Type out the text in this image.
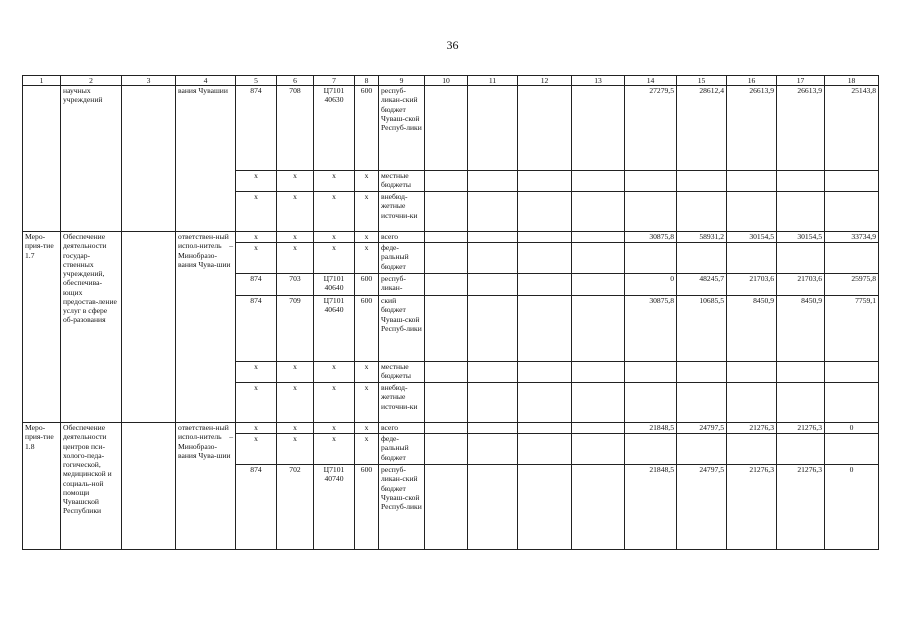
36
1	2	3	4	5	6	7	8	9	10	11	12	13	14	15	16	17	18
	научных учреждений		вания Чувашии	874	708	Ц7101 40630	600	респуб-ликан-ский бюджет Чуваш-ской Респуб-лики					27279,5	28612,4	26613,9	26613,9	25143,8
				х	х	х	х	местные бюджеты									
				х	х	х	х	внебюд-жетные источни-ки									
Меро-прия-тие 1.7	Обеспечение деятельности государ-ственных учреждений, обеспечива-ющих предостав-ление услуг в сфере об-разования		ответствен-ный испол-нитель – Минобразо-вания Чува-шии	х	х	х	х	всего					30875,8	58931,2	30154,5	30154,5	33734,9
				х	х	х	х	феде-ральный бюджет									
				874	703	Ц7101 40640	600	респуб-ликан-					0	48245,7	21703,6	21703,6	25975,8
				874	709	Ц7101 40640	600	ский бюджет Чуваш-ской Респуб-лики					30875,8	10685,5	8450,9	8450,9	7759,1
				х	х	х	х	местные бюджеты									
				х	х	х	х	внебюд-жетные источни-ки									
Меро-прия-тие 1.8	Обеспечение деятельности центров пси-холого-педа-гогической, медицинской и социаль-ной помощи Чувашской Республики		ответствен-ный испол-нитель – Минобразо-вания Чува-шии	х	х	х	х	всего					21848,5	24797,5	21276,3	21276,3	0
				х	х	х	х	феде-ральный бюджет									
				874	702	Ц7101 40740	600	респуб-ликан-ский бюджет Чуваш-ской Респуб-лики					21848,5	24797,5	21276,3	21276,3	0
